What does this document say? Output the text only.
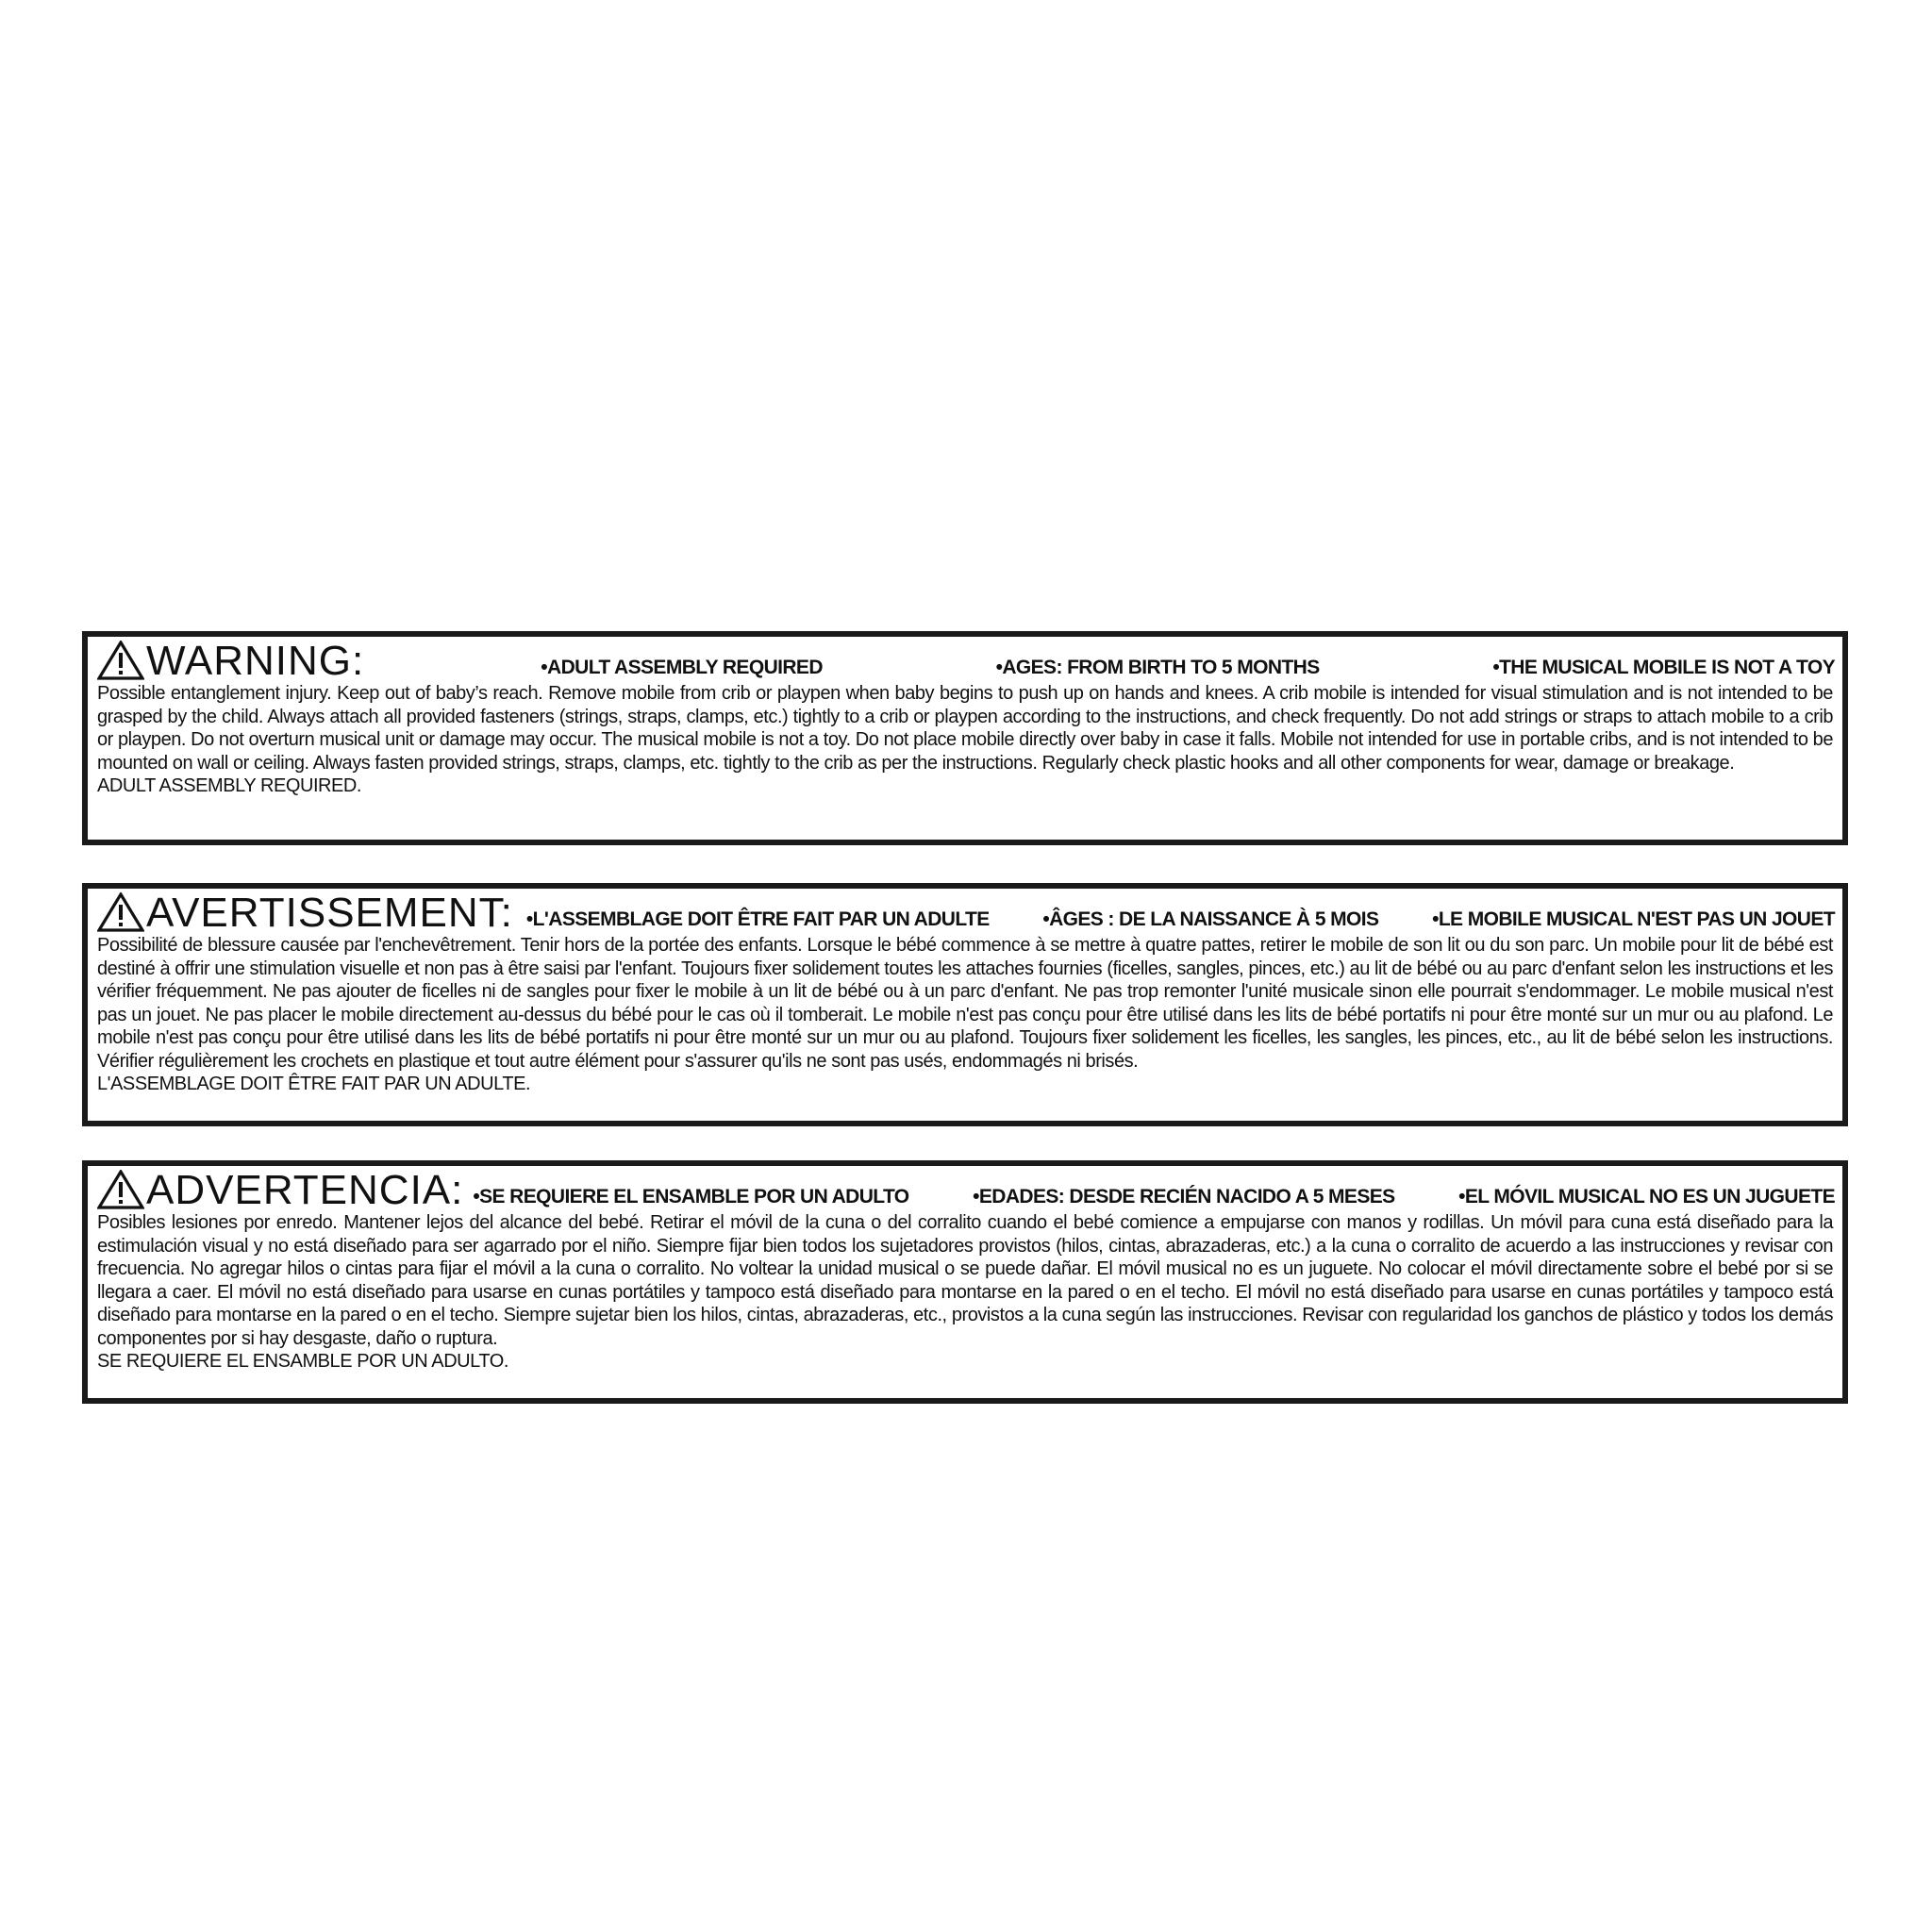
WARNING:	•ADULT ASSEMBLY REQUIRED	•AGES: FROM BIRTH TO 5 MONTHS	•THE MUSICAL MOBILE IS NOT A TOY

Possible entanglement injury. Keep out of baby’s reach. Remove mobile from crib or playpen when baby begins to push up on hands and knees. A crib mobile is intended for visual stimulation and is not intended to be grasped by the child. Always attach all provided fasteners (strings, straps, clamps, etc.) tightly to a crib or playpen according to the instructions, and check frequently. Do not add strings or straps to attach mobile to a crib or playpen. Do not overturn musical unit or damage may occur. The musical mobile is not a toy. Do not place mobile directly over baby in case it falls. Mobile not intended for use in portable cribs, and is not intended to be mounted on wall or ceiling. Always fasten provided strings, straps, clamps, etc. tightly to the crib as per the instructions. Regularly check plastic hooks and all other components for wear, damage or breakage.

ADULT ASSEMBLY REQUIRED.

AVERTISSEMENT: •L'ASSEMBLAGE DOIT ÊTRE FAIT PAR UN ADULTE	•ÂGES : DE LA NAISSANCE À 5 MOIS	•LE MOBILE MUSICAL N'EST PAS UN JOUET

Possibilité de blessure causée par l'enchevêtrement. Tenir hors de la portée des enfants. Lorsque le bébé commence à se mettre à quatre pattes, retirer le mobile de son lit ou du son parc. Un mobile pour lit de bébé est destiné à offrir une stimulation visuelle et non pas à être saisi par l'enfant. Toujours fixer solidement toutes les attaches fournies (ficelles, sangles, pinces, etc.) au lit de bébé ou au parc d'enfant selon les instructions et les vérifier fréquemment. Ne pas ajouter de ficelles ni de sangles pour fixer le mobile à un lit de bébé ou à un parc d'enfant. Ne pas trop remonter l'unité musicale sinon elle pourrait s'endommager. Le mobile musical n'est pas un jouet. Ne pas placer le mobile directement au-dessus du bébé pour le cas où il tomberait. Le mobile n'est pas conçu pour être utilisé dans les lits de bébé portatifs ni pour être monté sur un mur ou au plafond. Le mobile n'est pas conçu pour être utilisé dans les lits de bébé portatifs ni pour être monté sur un mur ou au plafond. Toujours fixer solidement les ficelles, les sangles, les pinces, etc., au lit de bébé selon les instructions. Vérifier régulièrement les crochets en plastique et tout autre élément pour s'assurer qu'ils ne sont pas usés, endommagés ni brisés.

L'ASSEMBLAGE DOIT ÊTRE FAIT PAR UN ADULTE.

ADVERTENCIA: •SE REQUIERE EL ENSAMBLE POR UN ADULTO	•EDADES: DESDE RECIÉN NACIDO A 5 MESES	•EL MÓVIL MUSICAL NO ES UN JUGUETE

Posibles lesiones por enredo. Mantener lejos del alcance del bebé. Retirar el móvil de la cuna o del corralito cuando el bebé comience a empujarse con manos y rodillas. Un móvil para cuna está diseñado para la estimulación visual y no está diseñado para ser agarrado por el niño. Siempre fijar bien todos los sujetadores provistos (hilos, cintas, abrazaderas, etc.) a la cuna o corralito de acuerdo a las instrucciones y revisar con frecuencia. No agregar hilos o cintas para fijar el móvil a la cuna o corralito. No voltear la unidad musical o se puede dañar. El móvil musical no es un juguete. No colocar el móvil directamente sobre el bebé por si se llegara a caer. El móvil no está diseñado para usarse en cunas portátiles y tampoco está diseñado para montarse en la pared o en el techo. El móvil no está diseñado para usarse en cunas portátiles y tampoco está diseñado para montarse en la pared o en el techo. Siempre sujetar bien los hilos, cintas, abrazaderas, etc., provistos a la cuna según las instrucciones. Revisar con regularidad los ganchos de plástico y todos los demás componentes por si hay desgaste, daño o ruptura.

SE REQUIERE EL ENSAMBLE POR UN ADULTO.
